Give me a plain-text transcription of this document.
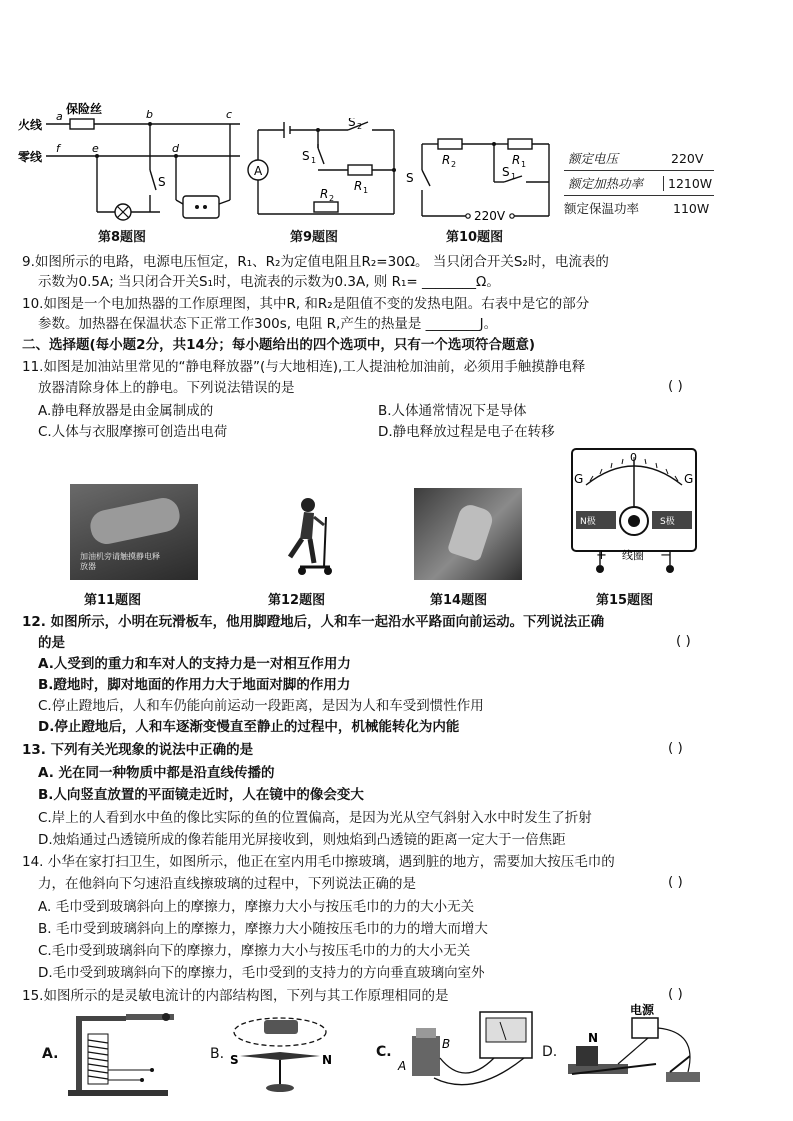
火线
零线
保险丝
a	b	c
e
f	d
S
第8题图
A
S 2
S 1
R 1
R 2
第9题图
S
R 2	R 1
S 1
220V
额定电压	220V
额定加热功率	1210W
额定保温功率	110W
第10题图
9.如图所示的电路，电源电压恒定，R₁、R₂为定值电阻且R₂=30Ω。 当只闭合开关S₂时，电流表的
示数为0.5A; 当只闭合开关S₁时，电流表的示数为0.3A, 则 R₁= ________Ω。
10.如图是一个电加热器的工作原理图，其中R, 和R₂是阻值不变的发热电阻。右表中是它的部分
参数。加热器在保温状态下正常工作300s, 电阻 R,产生的热量是 ________J。
二、选择题(每小题2分，共14分；每小题给出的四个选项中，只有一个选项符合题意)
11.如图是加油站里常见的“静电释放器”(与大地相连),工人提油枪加油前，必须用手触摸静电释
放器清除身体上的静电。下列说法错误的是	( )
A.静电释放器是由金属制成的	B.人体通常情况下是导体
C.人体与衣服摩擦可创造出电荷	D.静电释放过程是电子在转移
加油机旁请触摸静电释放器
第11题图	第12题图	第14题图
N极	S极
0
G	G
线圈
+	−
第15题图
12. 如图所示，小明在玩滑板车，他用脚蹬地后，人和车一起沿水平路面向前运动。下列说法正确
的是	( )
A.人受到的重力和车对人的支持力是一对相互作用力
B.蹬地时，脚对地面的作用力大于地面对脚的作用力
C.停止蹬地后，人和车仍能向前运动一段距离，是因为人和车受到惯性作用
D.停止蹬地后，人和车逐渐变慢直至静止的过程中，机械能转化为内能
13. 下列有关光现象的说法中正确的是	( )
A. 光在同一种物质中都是沿直线传播的
B.人向竖直放置的平面镜走近时，人在镜中的像会变大
C.岸上的人看到水中鱼的像比实际的鱼的位置偏高，是因为光从空气斜射入水中时发生了折射
D.烛焰通过凸透镜所成的像若能用光屏接收到，则烛焰到凸透镜的距离一定大于一倍焦距
14. 小华在家打扫卫生，如图所示，他正在室内用毛巾擦玻璃，遇到脏的地方，需要加大按压毛巾的
力，在他斜向下匀速沿直线擦玻璃的过程中，下列说法正确的是	( )
A. 毛巾受到玻璃斜向上的摩擦力，摩擦力大小与按压毛巾的力的大小无关
B. 毛巾受到玻璃斜向上的摩擦力，摩擦力大小随按压毛巾的力的增大而增大
C.毛巾受到玻璃斜向下的摩擦力，摩擦力大小与按压毛巾的力的大小无关
D.毛巾受到玻璃斜向下的摩擦力，毛巾受到的支持力的方向垂直玻璃向室外
15.如图所示的是灵敏电流计的内部结构图，下列与其工作原理相同的是	( )
A.	B. S	N	C.
A
B	D.
N
电源
